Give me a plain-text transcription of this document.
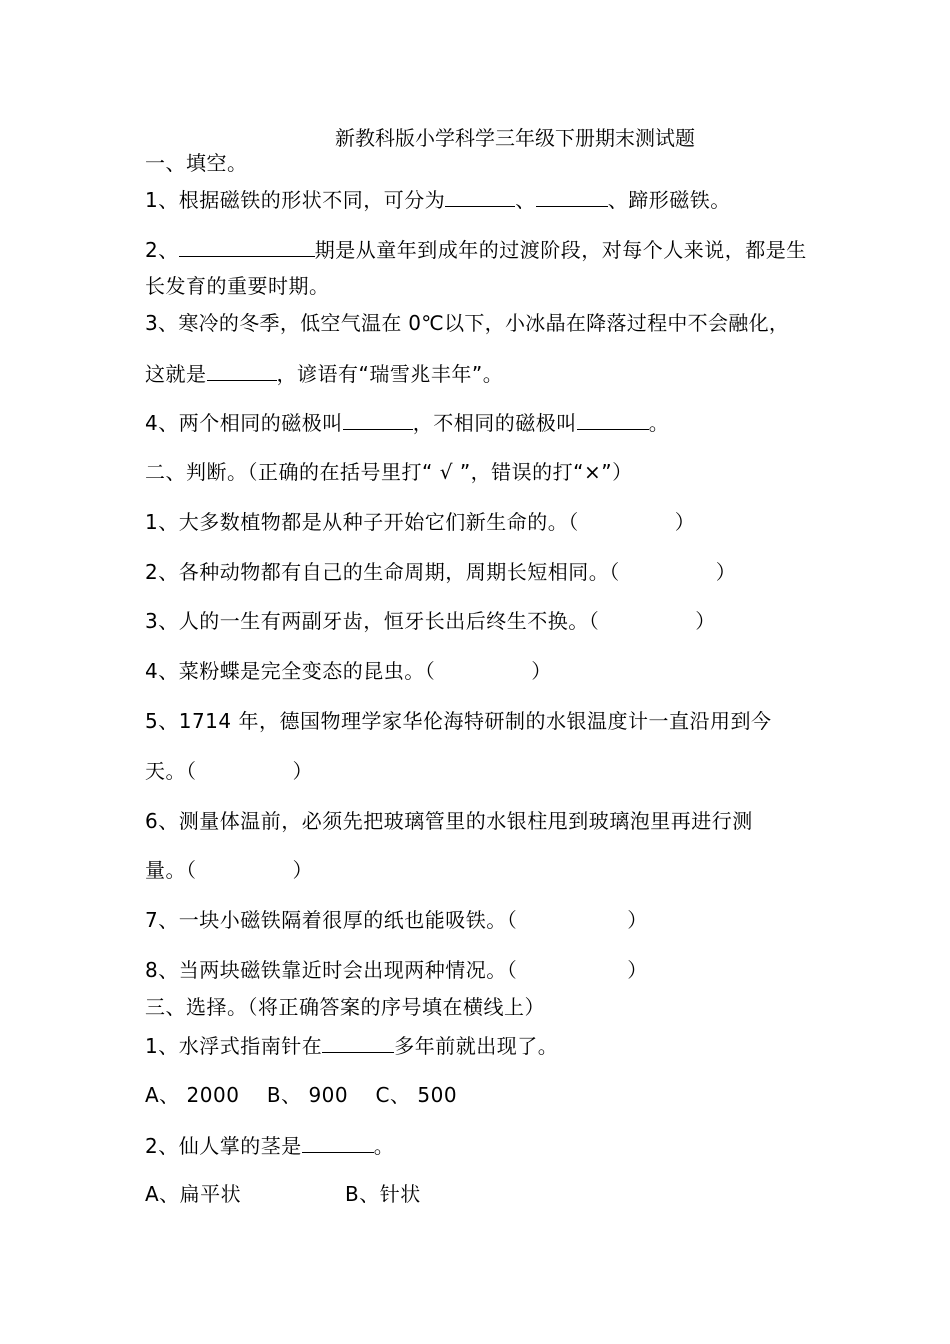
新教科版小学科学三年级下册期末测试题
一、填空。
1、根据磁铁的形状不同，可分为	、	、蹄形磁铁。
2、	期是从童年到成年的过渡阶段，对每个人来说，都是生
长发育的重要时期。
3、寒冷的冬季，低空气温在 0℃以下，小冰晶在降落过程中不会融化，
这就是	，谚语有“瑞雪兆丰年”。
4、两个相同的磁极叫	，不相同的磁极叫	。
二、判断。（正确的在括号里打“ √ ”，错误的打“×”）
1、大多数植物都是从种子开始它们新生命的。（	）
2、各种动物都有自己的生命周期，周期长短相同。（	）
3、人的一生有两副牙齿，恒牙长出后终生不换。（	）
4、菜粉蝶是完全变态的昆虫。（	）
5、1714 年，德国物理学家华伦海特研制的水银温度计一直沿用到今
天。（	）
6、测量体温前，必须先把玻璃管里的水银柱甩到玻璃泡里再进行测
量。（	）
7、一块小磁铁隔着很厚的纸也能吸铁。（	）
8、当两块磁铁靠近时会出现两种情况。（	）
三、选择。（将正确答案的序号填在横线上）
1、水浮式指南针在	多年前就出现了。
A、 2000    B、 900    C、 500
2、仙人掌的茎是	。
A、扁平状	B、针状
